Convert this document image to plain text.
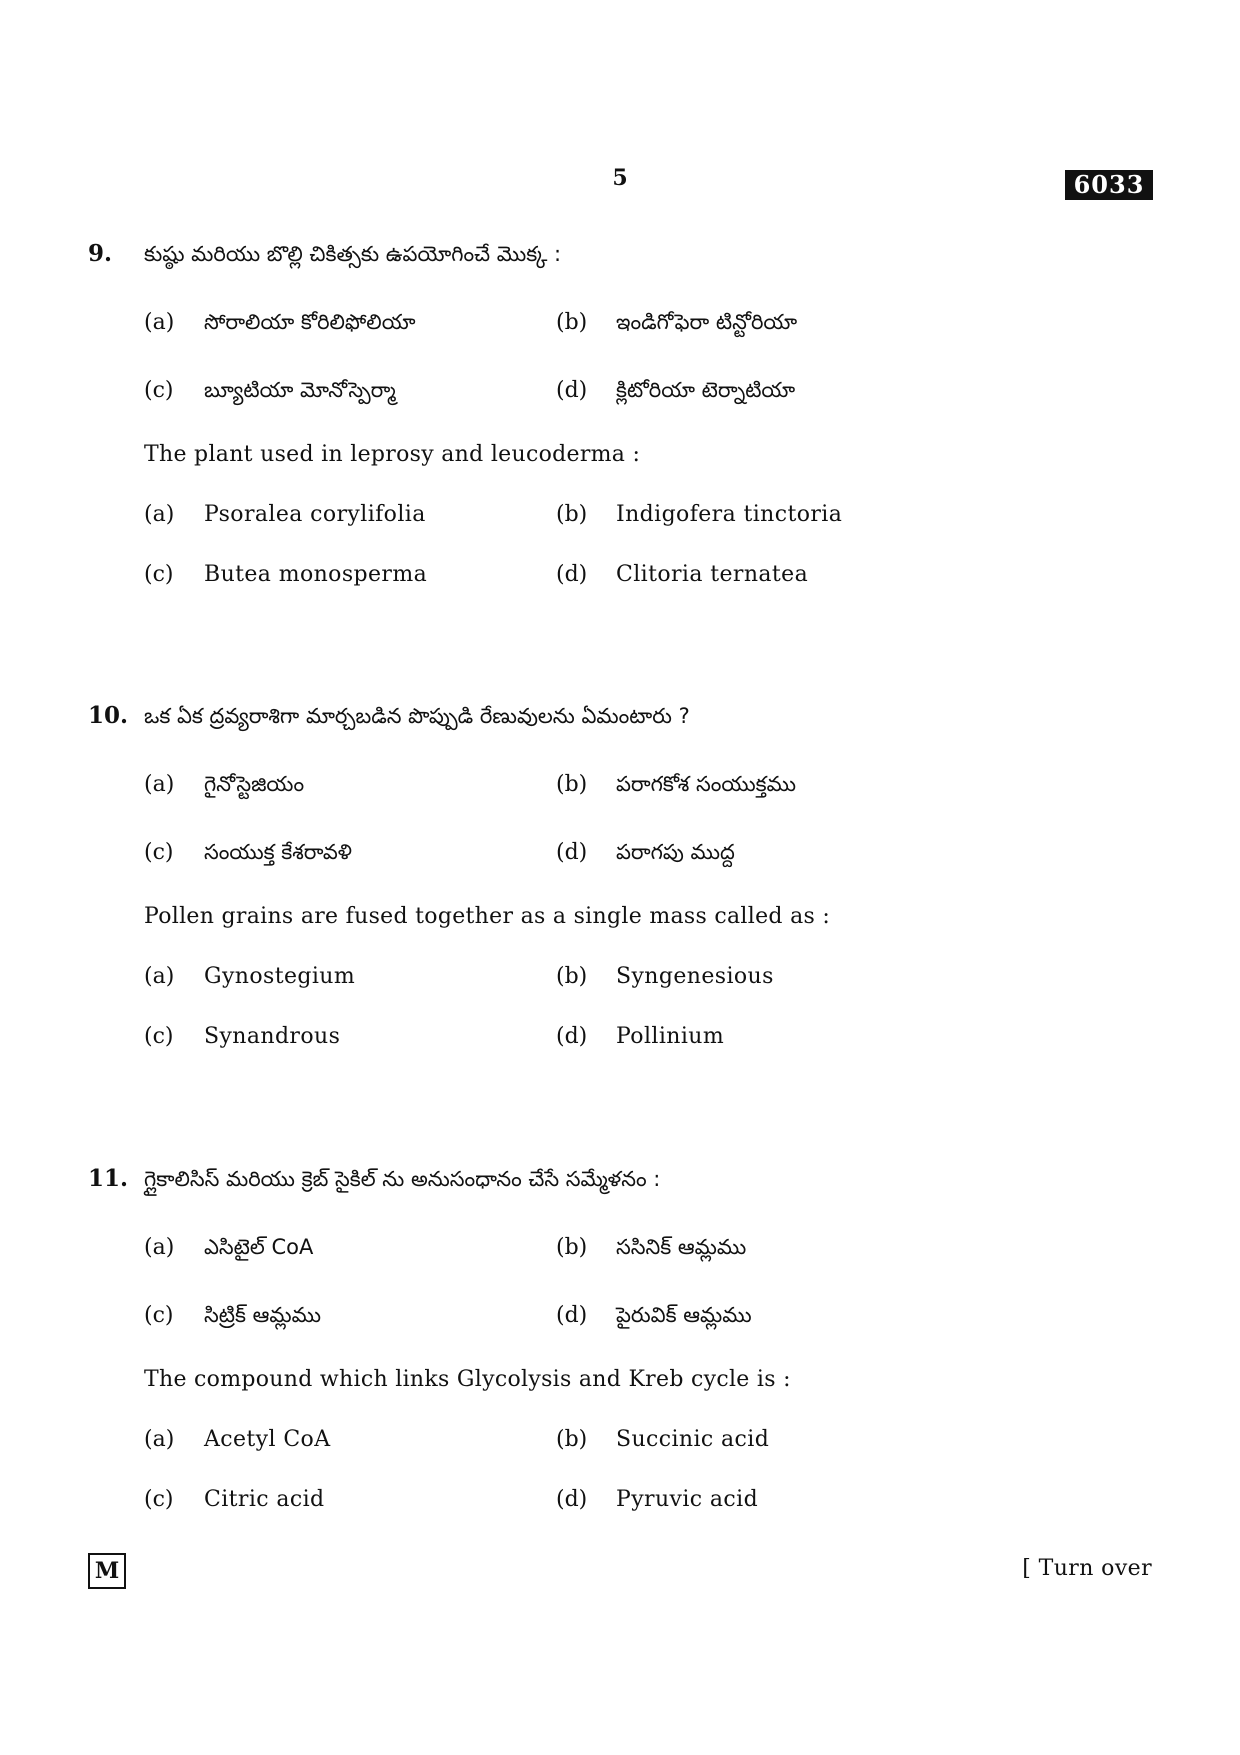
5	6033
9. కుష్ఠు మరియు బొల్లి చికిత్సకు ఉపయోగించే మొక్క :
(a) సోరాలియా కోరిలిఫోలియా	(b) ఇండిగోఫెరా టిన్టోరియా
(c) బ్యూటియా మోనోస్పెర్మా	(d) క్లిటోరియా టెర్నాటియా
The plant used in leprosy and leucoderma :
(a) Psoralea corylifolia	(b) Indigofera tinctoria
(c) Butea monosperma	(d) Clitoria ternatea
10. ఒక ఏక ద్రవ్యరాశిగా మార్చబడిన పొప్పుడి రేణువులను ఏమంటారు ?
(a) గైనోస్టెజియం	(b) పరాగకోశ సంయుక్తము
(c) సంయుక్త కేశరావళి	(d) పరాగపు ముద్ద
Pollen grains are fused together as a single mass called as :
(a) Gynostegium	(b) Syngenesious
(c) Synandrous	(d) Pollinium
11. గ్లైకాలిసిస్ మరియు క్రెబ్ సైకిల్ ను అనుసంధానం చేసే సమ్మేళనం :
(a) ఎసిటైల్ CoA	(b) ససినిక్ ఆమ్లము
(c) సిట్రిక్ ఆమ్లము	(d) పైరువిక్ ఆమ్లము
The compound which links Glycolysis and Kreb cycle is :
(a) Acetyl CoA	(b) Succinic acid
(c) Citric acid	(d) Pyruvic acid
M	[ Turn over
